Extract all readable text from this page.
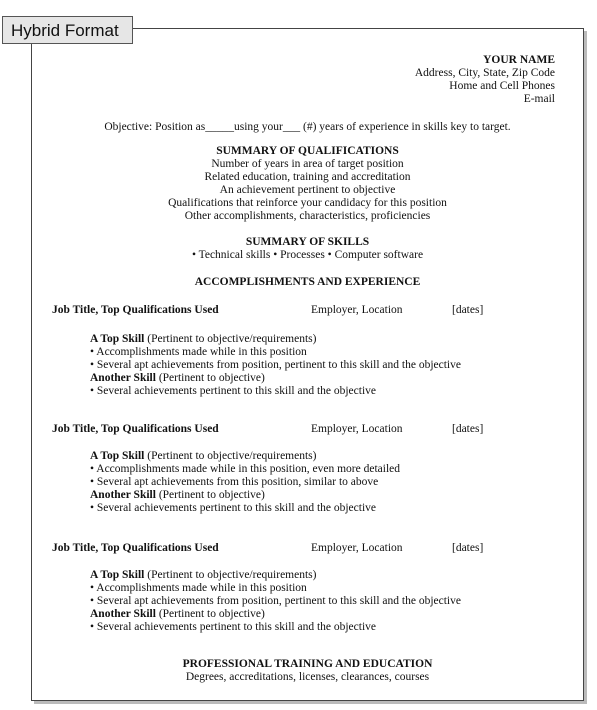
YOUR NAME
Address, City, State, Zip Code
Home and Cell Phones
E-mail
Objective: Position as_____using your___ (#) years of experience in skills key to target.
SUMMARY OF QUALIFICATIONS
Number of years in area of target position
Related education, training and accreditation
An achievement pertinent to objective
Qualifications that reinforce your candidacy for this position
Other accomplishments, characteristics, proficiencies
SUMMARY OF SKILLS
• Technical skills • Processes • Computer software
ACCOMPLISHMENTS AND EXPERIENCE
Job Title, Top Qualifications Used	Employer, Location	[dates]
A Top Skill (Pertinent to objective/requirements)
• Accomplishments made while in this position
• Several apt achievements from position, pertinent to this skill and the objective
Another Skill (Pertinent to objective)
• Several achievements pertinent to this skill and the objective
Job Title, Top Qualifications Used	Employer, Location	[dates]
A Top Skill (Pertinent to objective/requirements)
• Accomplishments made while in this position, even more detailed
• Several apt achievements from this position, similar to above
Another Skill (Pertinent to objective)
• Several achievements pertinent to this skill and the objective
Job Title, Top Qualifications Used	Employer, Location	[dates]
A Top Skill (Pertinent to objective/requirements)
• Accomplishments made while in this position
• Several apt achievements from position, pertinent to this skill and the objective
Another Skill (Pertinent to objective)
• Several achievements pertinent to this skill and the objective
PROFESSIONAL TRAINING AND EDUCATION
Degrees, accreditations, licenses, clearances, courses
Hybrid Format
